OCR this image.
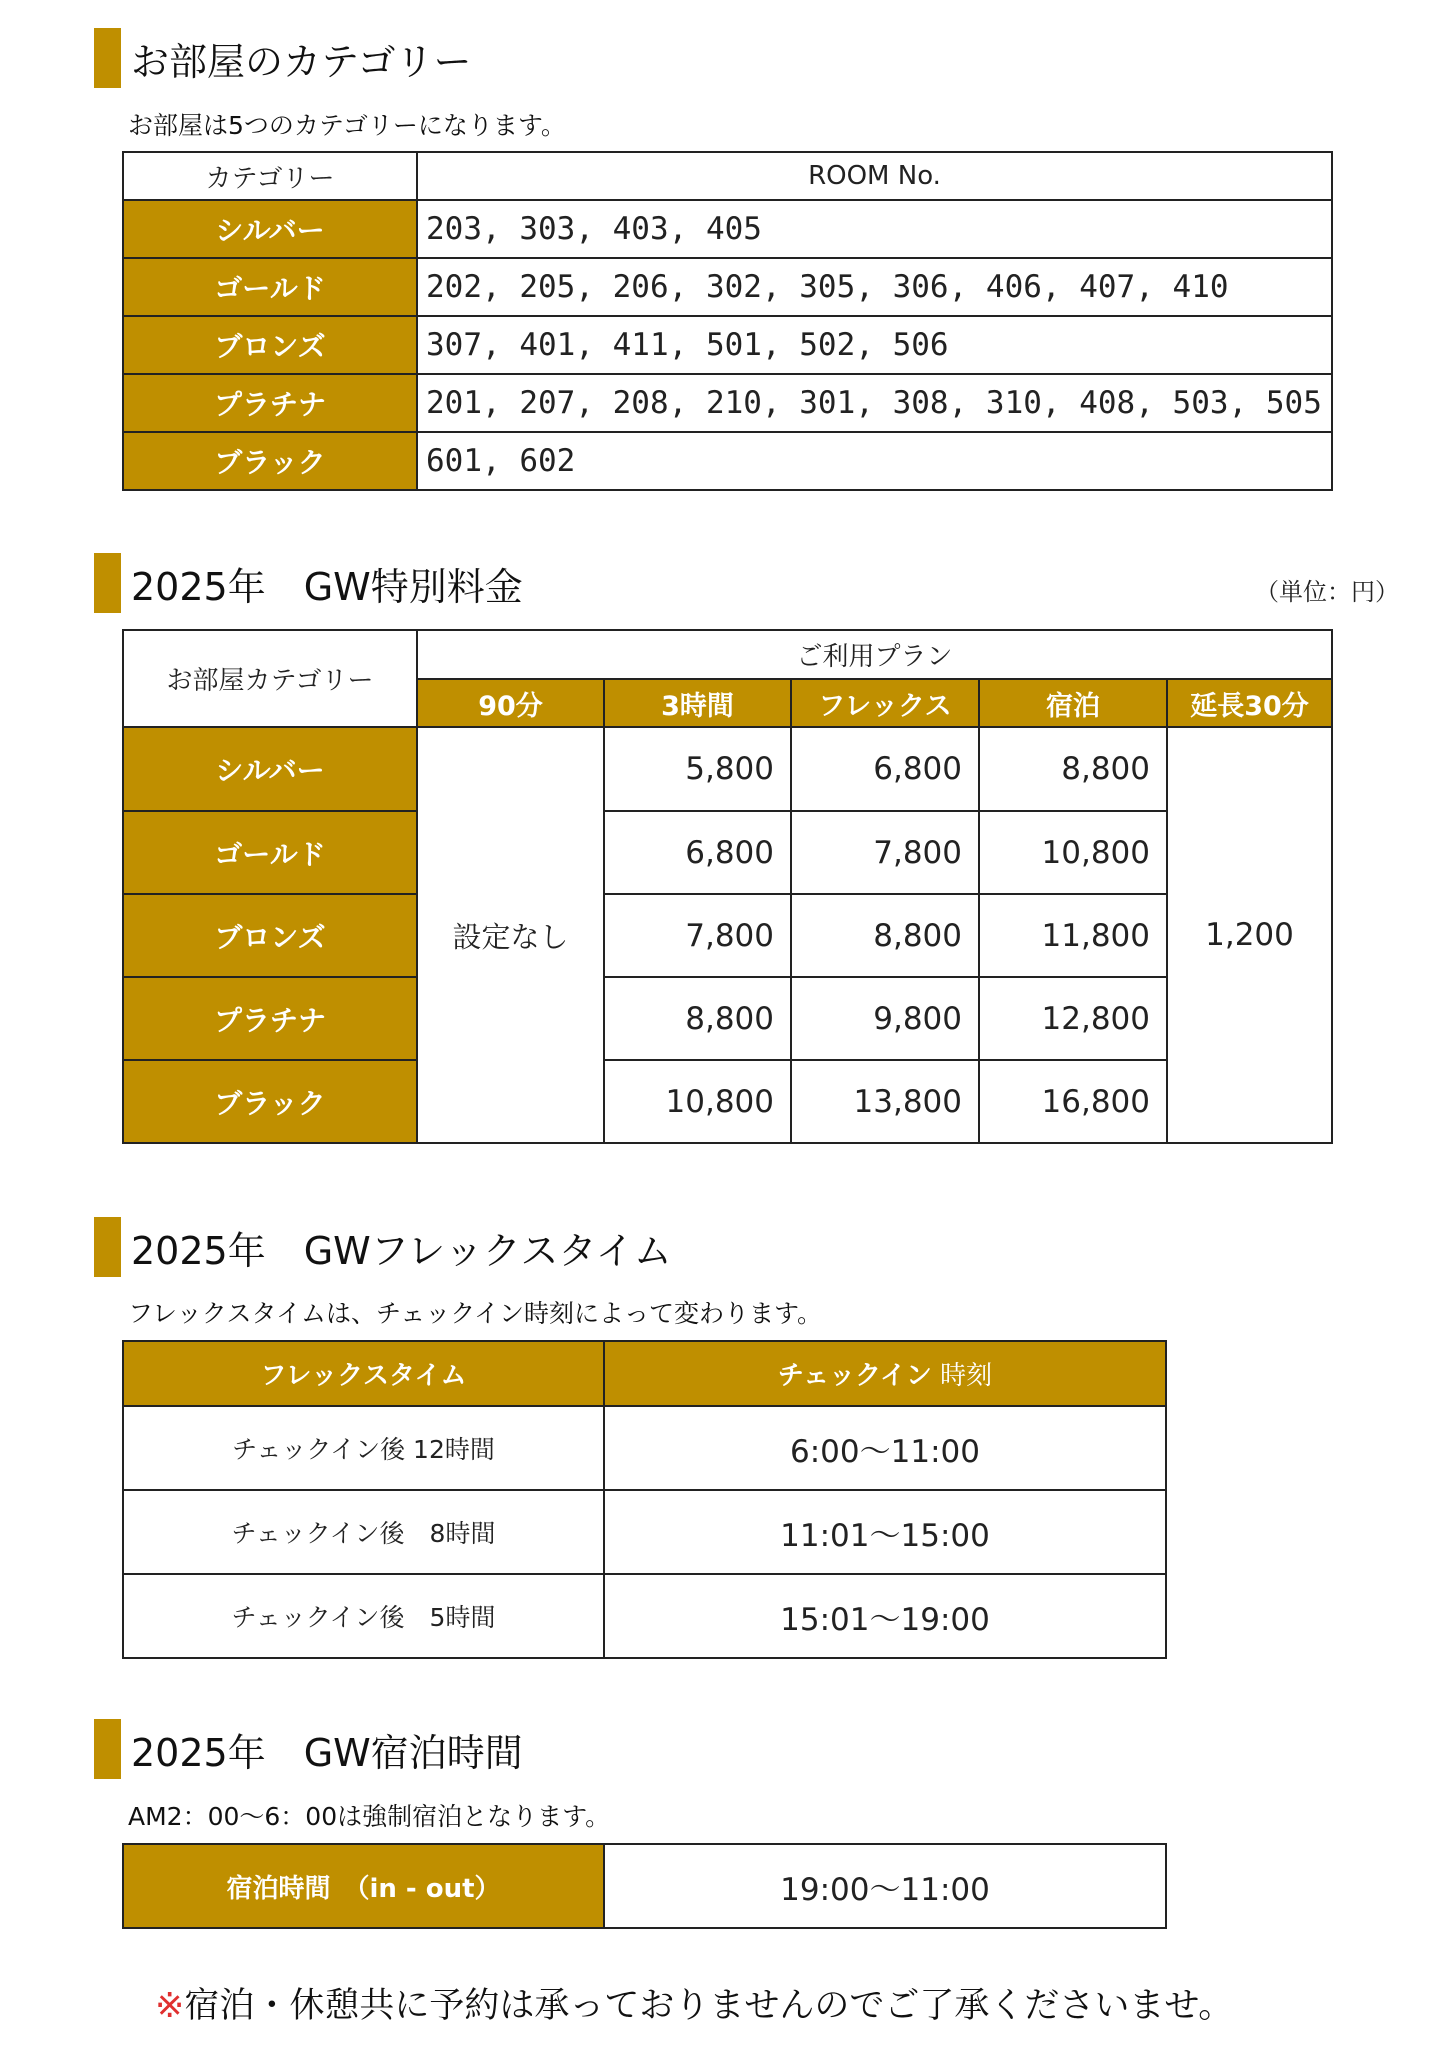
お部屋のカテゴリー
お部屋は5つのカテゴリーになります。
カテゴリー	ROOM No.
シルバー	203, 303, 403, 405
ゴールド	202, 205, 206, 302, 305, 306, 406, 407, 410
ブロンズ	307, 401, 411, 501, 502, 506
プラチナ	201, 207, 208, 210, 301, 308, 310, 408, 503, 505
ブラック	601, 602
2025年　GW特別料金	（単位：円）
お部屋カテゴリー	ご利用プラン				
	90分	3時間	フレックス	宿泊	延長30分
シルバー	設定なし	5,800	6,800	8,800	1,200
ゴールド		6,800	7,800	10,800	
ブロンズ		7,800	8,800	11,800	
プラチナ		8,800	9,800	12,800	
ブラック		10,800	13,800	16,800	
2025年　GWフレックスタイム
フレックスタイムは、チェックイン時刻によって変わります。
フレックスタイム	チェックイン 時刻
チェックイン後 12時間	6:00～11:00
チェックイン後　8時間	11:01～15:00
チェックイン後　5時間	15:01～19:00
2025年　GW宿泊時間
AM2：00～6：00は強制宿泊となります。
宿泊時間　（in - out）	19:00～11:00
※宿泊・休憩共に予約は承っておりませんのでご了承くださいませ。
